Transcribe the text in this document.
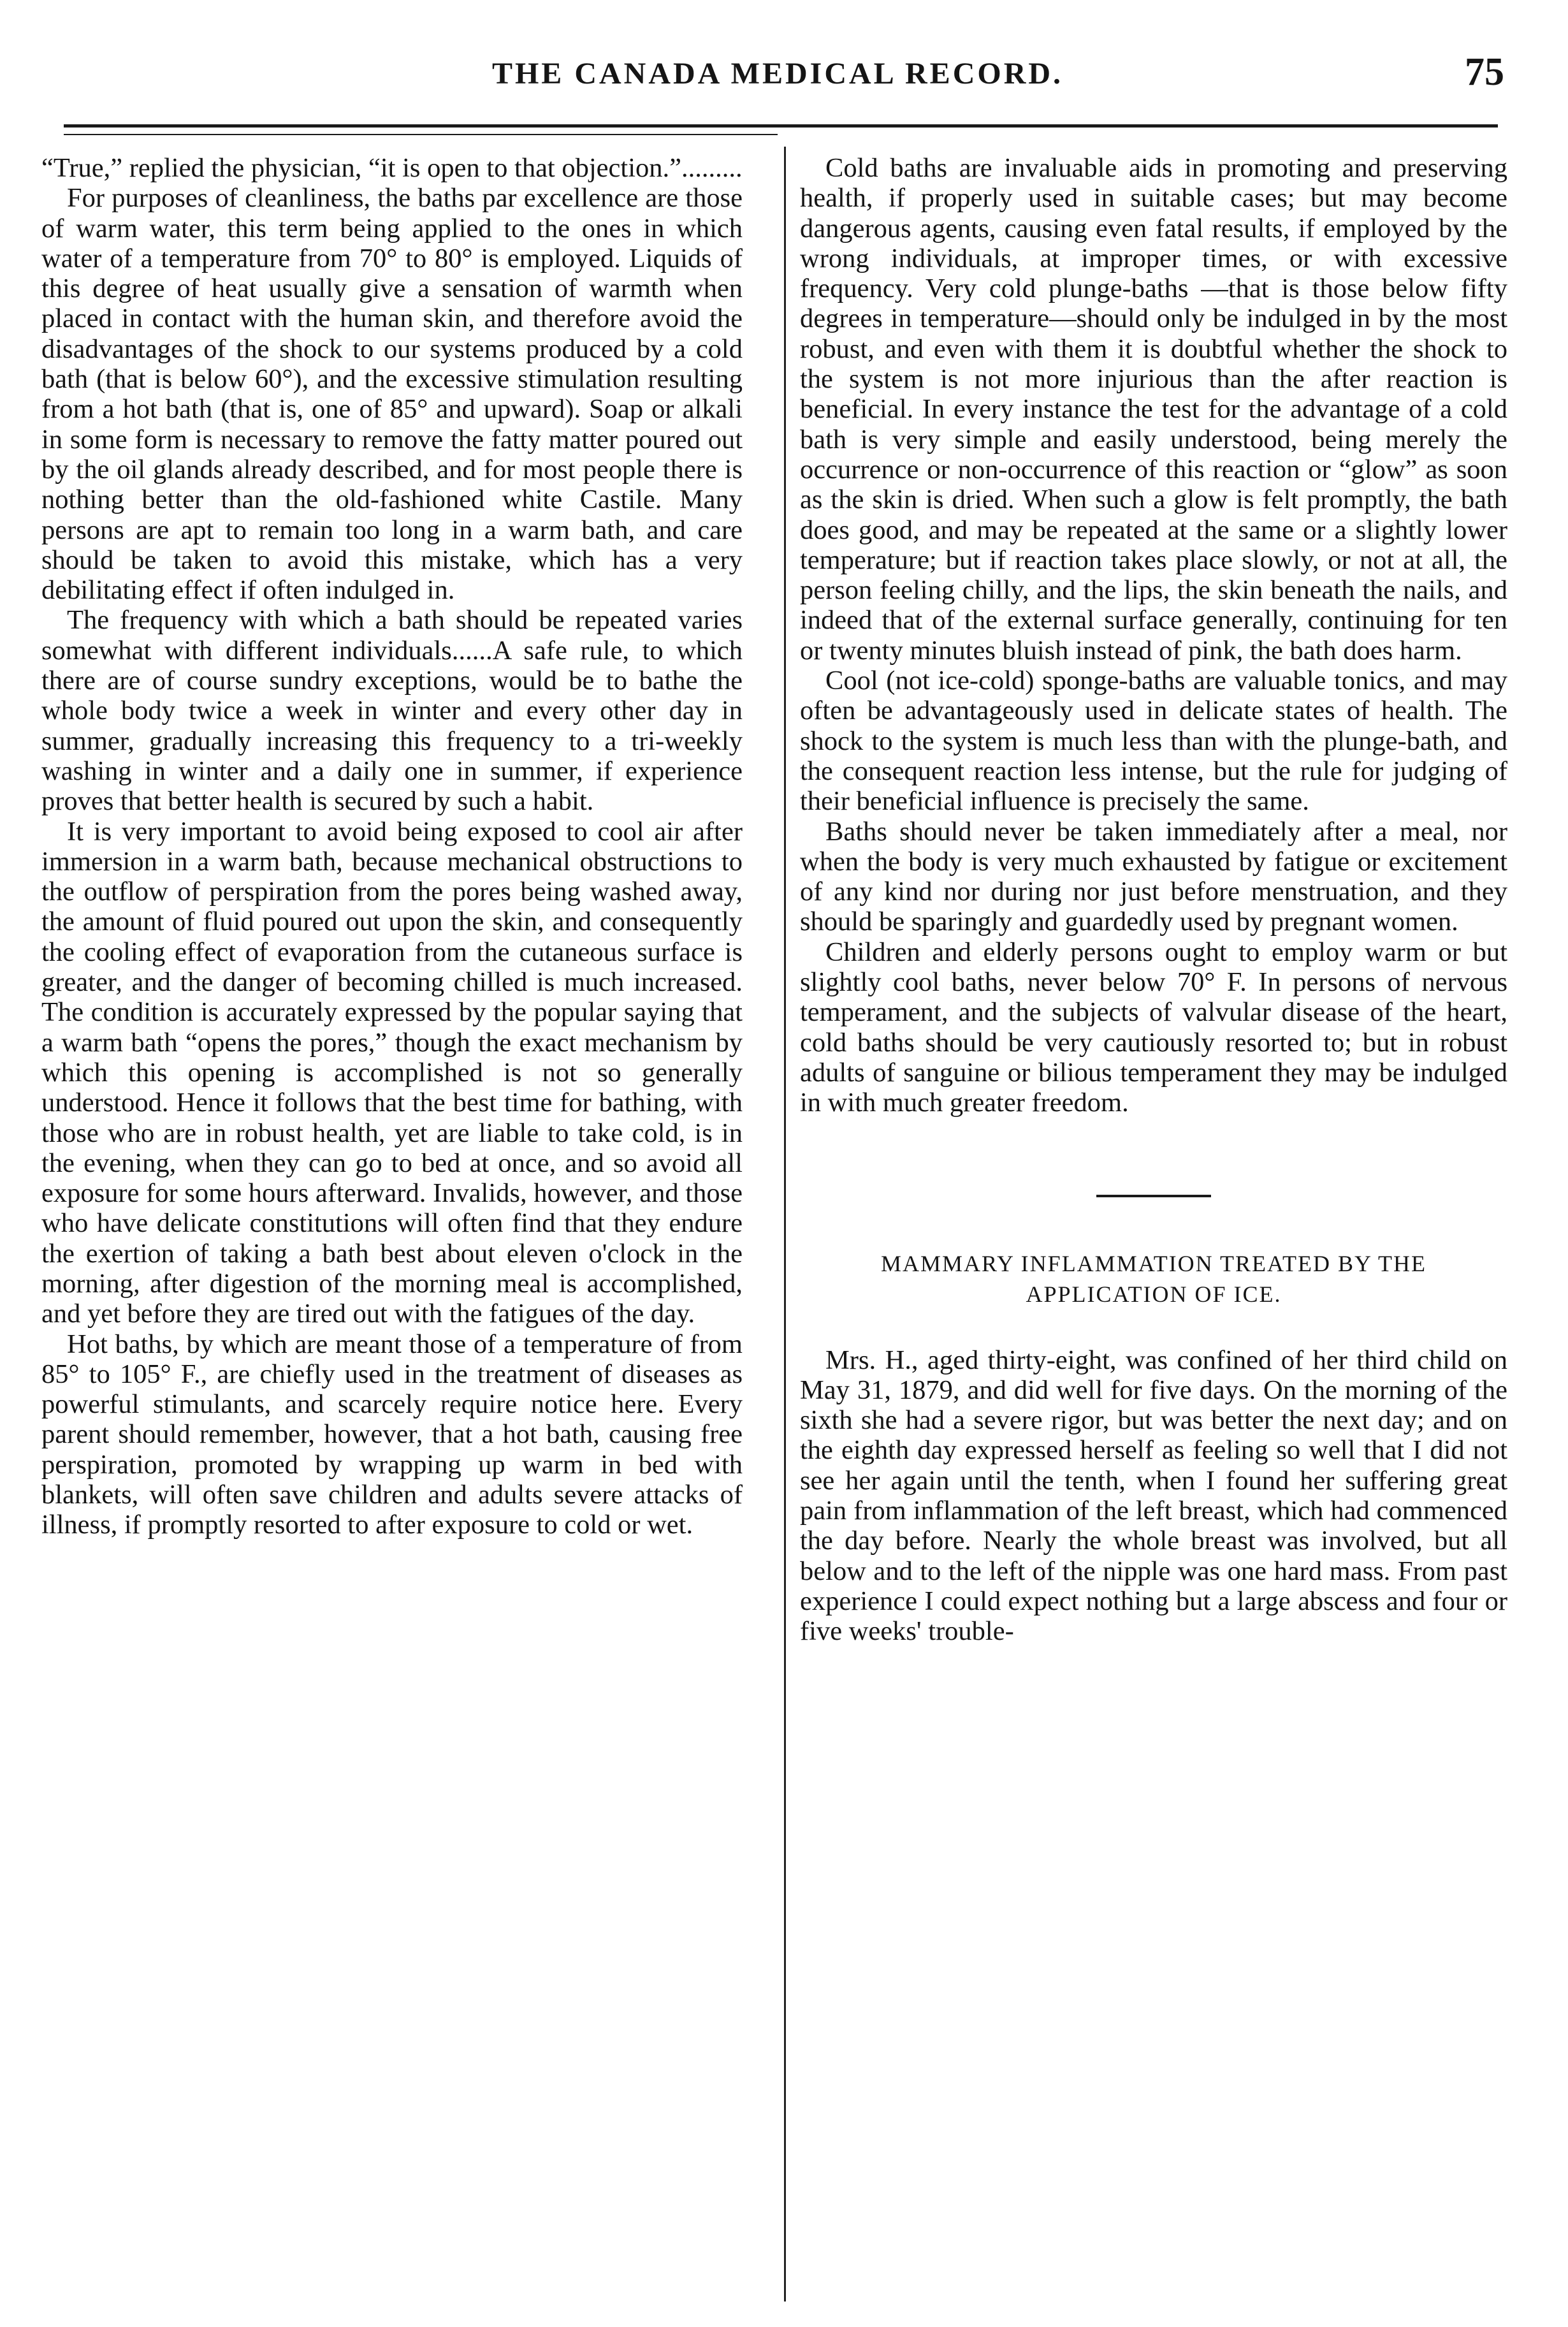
THE CANADA MEDICAL RECORD.	75

“True,” replied the physician, “it is open to that objection.”.........

For purposes of cleanliness, the baths par excellence are those of warm water, this term being applied to the ones in which water of a temperature from 70° to 80° is employed. Liquids of this degree of heat usually give a sensation of warmth when placed in contact with the human skin, and therefore avoid the disadvantages of the shock to our systems produced by a cold bath (that is below 60°), and the excessive stimulation resulting from a hot bath (that is, one of 85° and upward). Soap or alkali in some form is necessary to remove the fatty matter poured out by the oil glands already described, and for most people there is nothing better than the old-fashioned white Castile. Many persons are apt to remain too long in a warm bath, and care should be taken to avoid this mistake, which has a very debilitating effect if often indulged in.

The frequency with which a bath should be repeated varies somewhat with different individuals......A safe rule, to which there are of course sundry exceptions, would be to bathe the whole body twice a week in winter and every other day in summer, gradually increasing this frequency to a tri-weekly washing in winter and a daily one in summer, if experience proves that better health is secured by such a habit.

It is very important to avoid being exposed to cool air after immersion in a warm bath, because mechanical obstructions to the outflow of perspiration from the pores being washed away, the amount of fluid poured out upon the skin, and consequently the cooling effect of evaporation from the cutaneous surface is greater, and the danger of becoming chilled is much increased. The condition is accurately expressed by the popular saying that a warm bath “opens the pores,” though the exact mechanism by which this opening is accomplished is not so generally understood. Hence it follows that the best time for bathing, with those who are in robust health, yet are liable to take cold, is in the evening, when they can go to bed at once, and so avoid all exposure for some hours afterward. Invalids, however, and those who have delicate constitutions will often find that they endure the exertion of taking a bath best about eleven o'clock in the morning, after digestion of the morning meal is accomplished, and yet before they are tired out with the fatigues of the day.

Hot baths, by which are meant those of a temperature of from 85° to 105° F., are chiefly used in the treatment of diseases as powerful stimulants, and scarcely require notice here. Every parent should remember, however, that a hot bath, causing free perspiration, promoted by wrapping up warm in bed with blankets, will often save children and adults severe attacks of illness, if promptly resorted to after exposure to cold or wet.

Cold baths are invaluable aids in promoting and preserving health, if properly used in suitable cases; but may become dangerous agents, causing even fatal results, if employed by the wrong individuals, at improper times, or with excessive frequency. Very cold plunge-baths —that is those below fifty degrees in temperature—should only be indulged in by the most robust, and even with them it is doubtful whether the shock to the system is not more injurious than the after reaction is beneficial. In every instance the test for the advantage of a cold bath is very simple and easily understood, being merely the occurrence or non-occurrence of this reaction or “glow” as soon as the skin is dried. When such a glow is felt promptly, the bath does good, and may be repeated at the same or a slightly lower temperature; but if reaction takes place slowly, or not at all, the person feeling chilly, and the lips, the skin beneath the nails, and indeed that of the external surface generally, continuing for ten or twenty minutes bluish instead of pink, the bath does harm.

Cool (not ice-cold) sponge-baths are valuable tonics, and may often be advantageously used in delicate states of health. The shock to the system is much less than with the plunge-bath, and the consequent reaction less intense, but the rule for judging of their beneficial influence is precisely the same.

Baths should never be taken immediately after a meal, nor when the body is very much exhausted by fatigue or excitement of any kind nor during nor just before menstruation, and they should be sparingly and guardedly used by pregnant women.

Children and elderly persons ought to employ warm or but slightly cool baths, never below 70° F. In persons of nervous temperament, and the subjects of valvular disease of the heart, cold baths should be very cautiously resorted to; but in robust adults of sanguine or bilious temperament they may be indulged in with much greater freedom.

MAMMARY INFLAMMATION TREATED BY THE APPLICATION OF ICE.

Mrs. H., aged thirty-eight, was confined of her third child on May 31, 1879, and did well for five days. On the morning of the sixth she had a severe rigor, but was better the next day; and on the eighth day expressed herself as feeling so well that I did not see her again until the tenth, when I found her suffering great pain from inflammation of the left breast, which had commenced the day before. Nearly the whole breast was involved, but all below and to the left of the nipple was one hard mass. From past experience I could expect nothing but a large abscess and four or five weeks' trouble-
